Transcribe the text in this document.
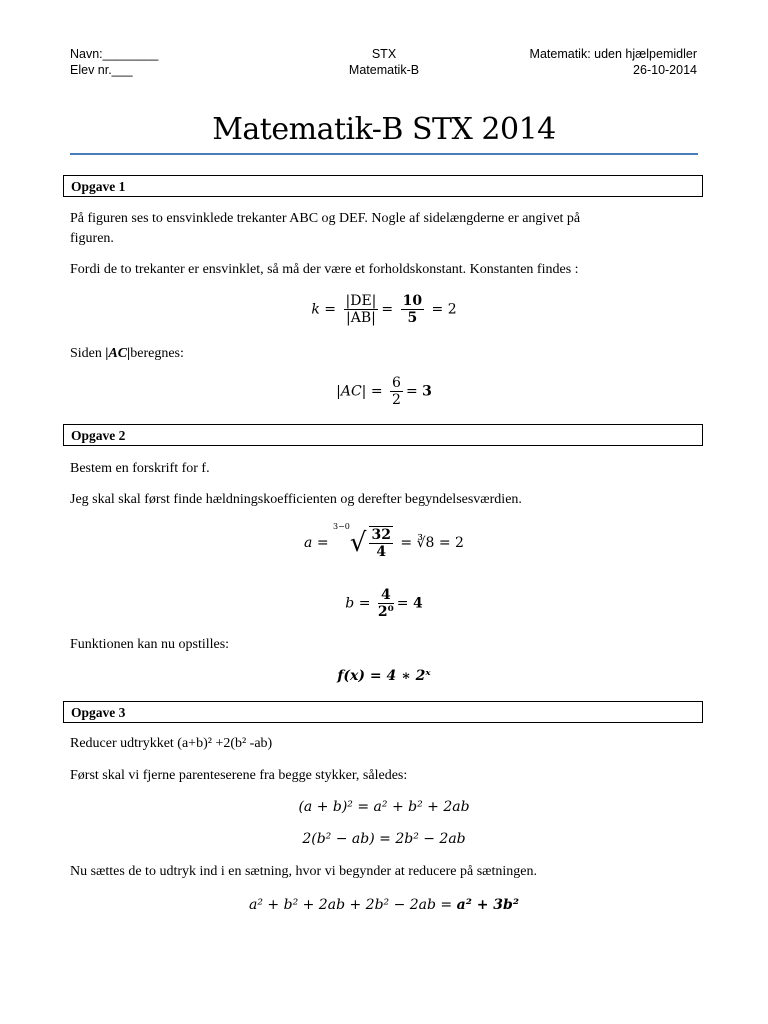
Navn:________
Elev nr.___
STX
Matematik-B
Matematik: uden hjælpemidler
26-10-2014
Matematik-B STX 2014
Opgave 1
På figuren ses to ensvinklede trekanter ABC og DEF. Nogle af sidelængderne er angivet på figuren.
Fordi de to trekanter er ensvinklet, så må der være et forholdskonstant. Konstanten findes :
$k = \frac{|DE|}{|AB|} = \frac{10}{5} = 2$
Siden |AC|beregnes:
$|AC| = \frac{6}{2} = 3$
Opgave 2
Bestem en forskrift for f.
Jeg skal skal først finde hældningskoefficienten og derefter begyndelsesværdien.
$a = ^{3-0}√ \frac{32}{4}$ = ∛8 = 2
$b = \frac{4}{\text{2⁰}} = 4$
Funktionen kan nu opstilles:
f(x) = 4 ∗ 2ˣ
Opgave 3
Reducer udtrykket (a+b)² +2(b² -ab)
Først skal vi fjerne parenteserene fra begge stykker, således:
(a + b)² = a² + b² + 2ab
2(b² − ab) = 2b² − 2ab
Nu sættes de to udtryk ind i en sætning, hvor vi begynder at reducere på sætningen.
a² + b² + 2ab + 2b² − 2ab = a² + 3b²
